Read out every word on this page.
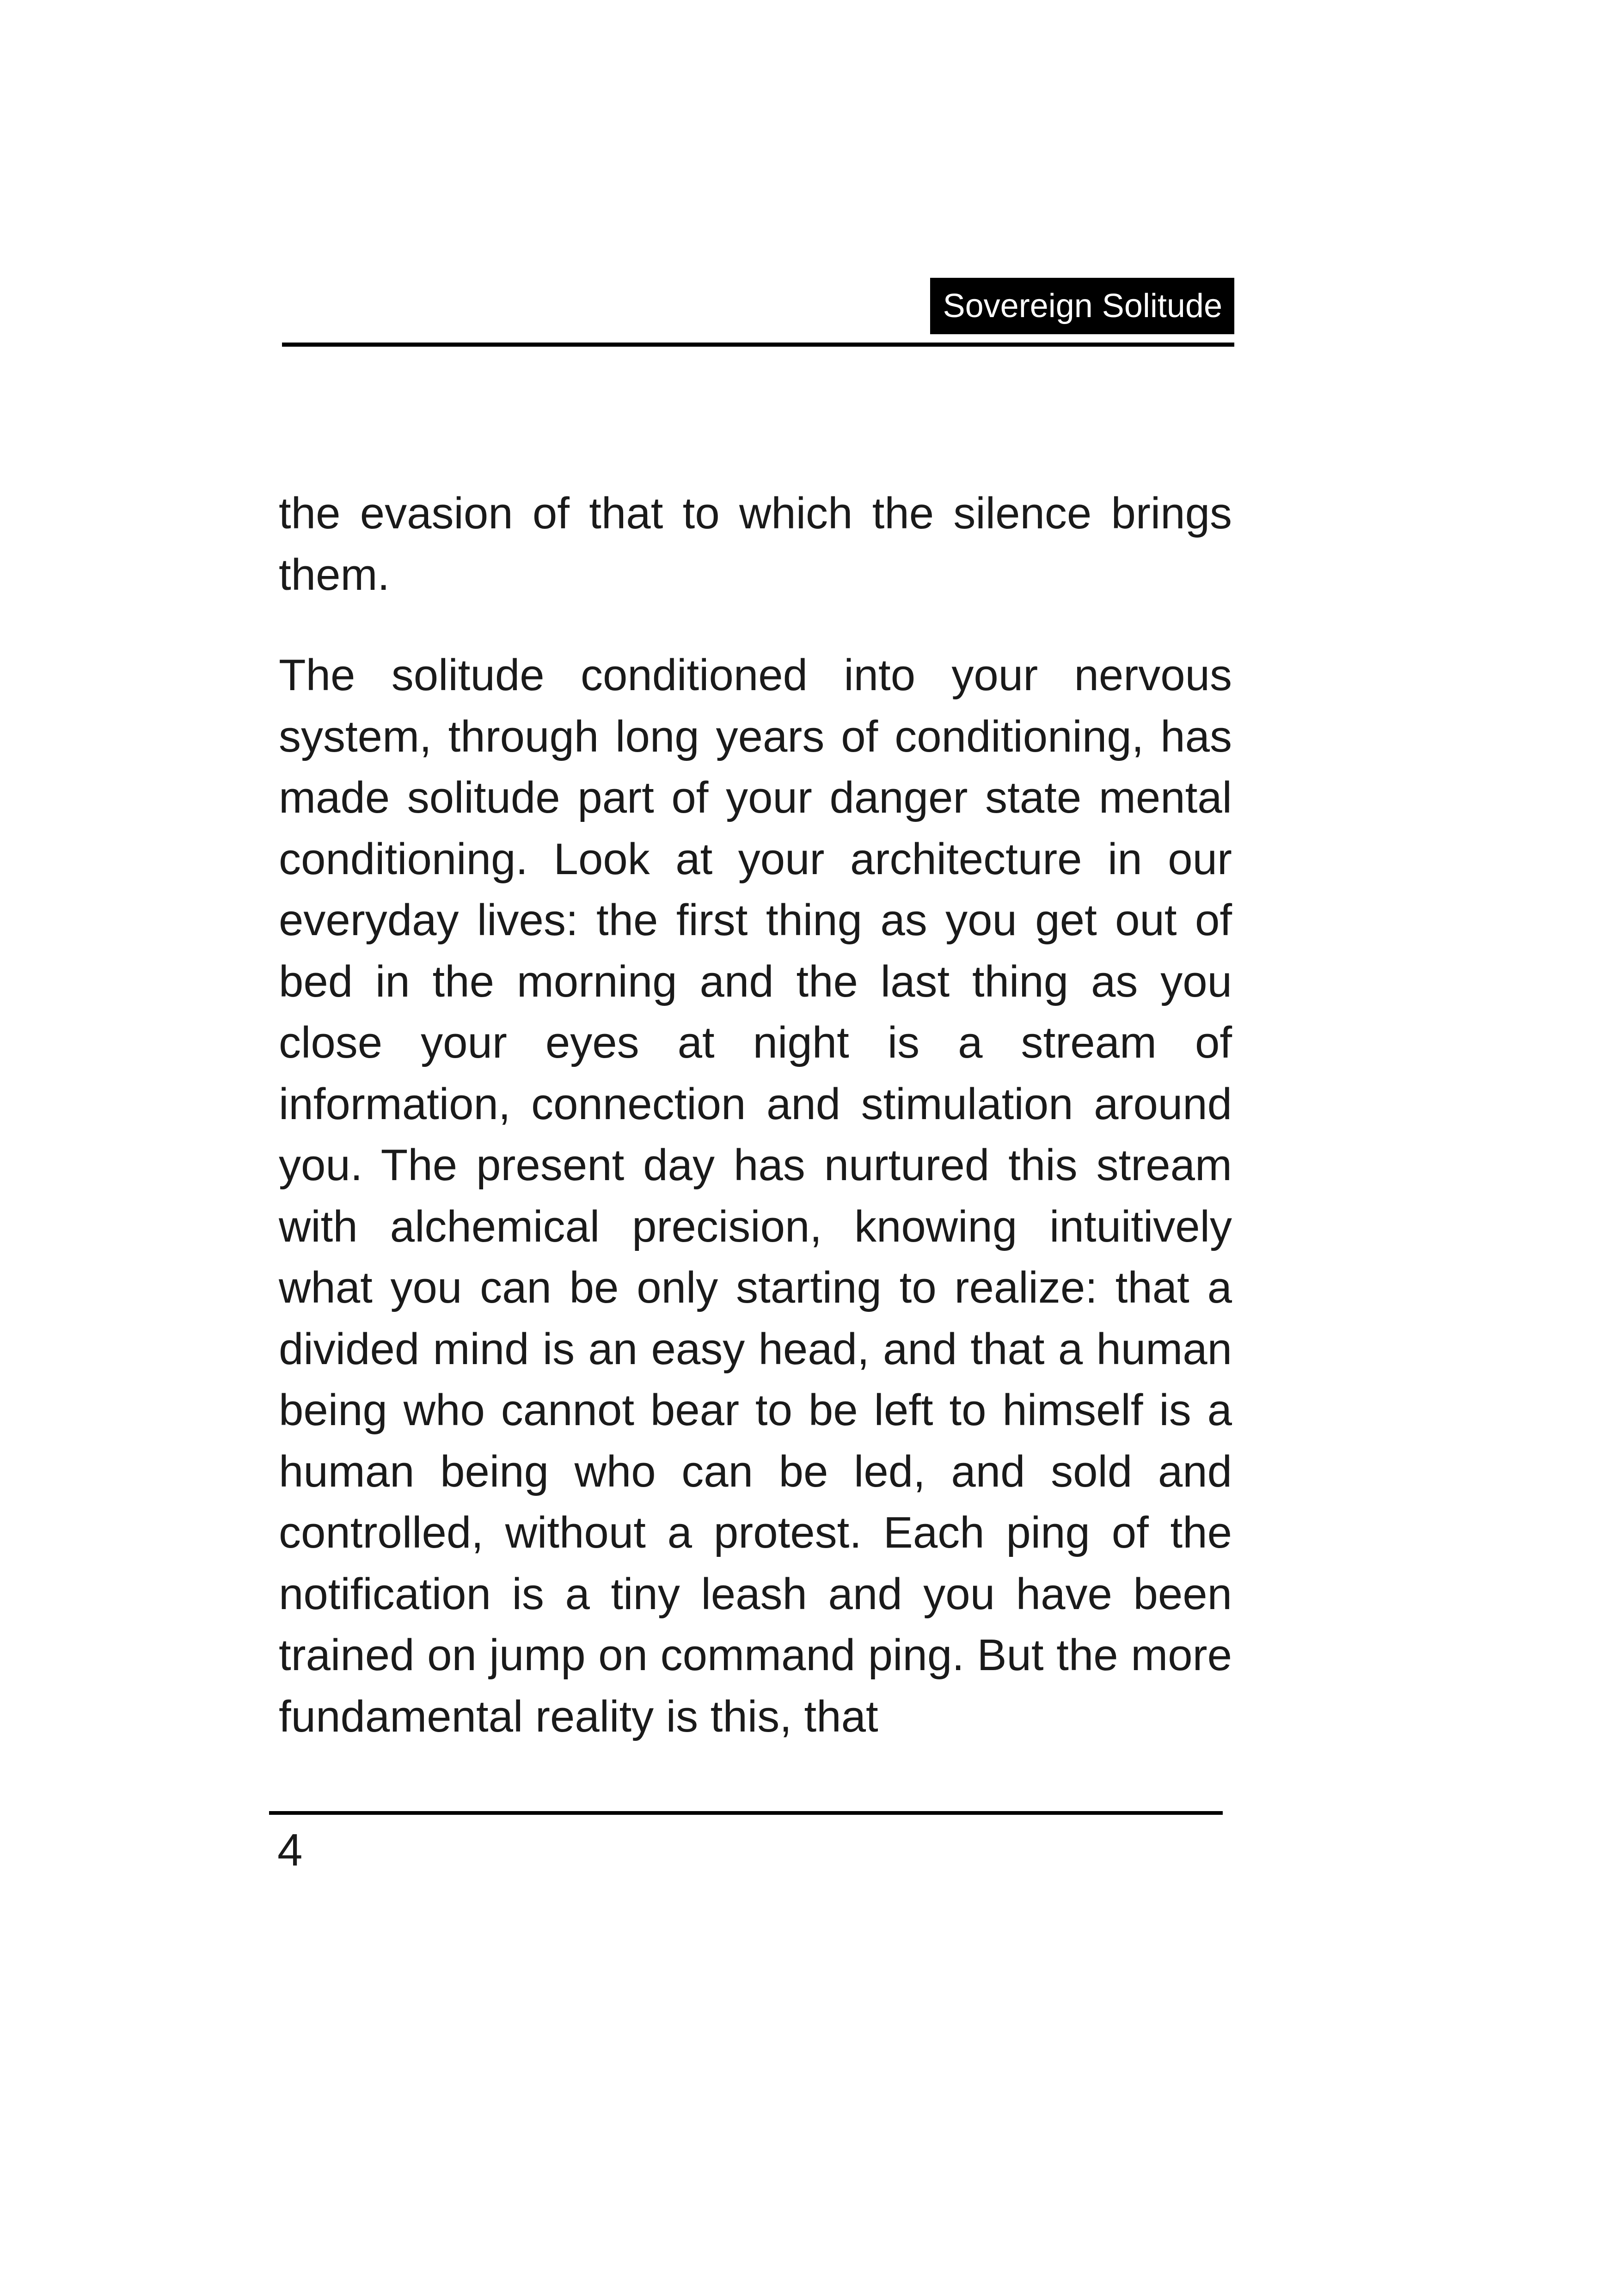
Sovereign Solitude

the evasion of that to which the silence brings them.

The solitude conditioned into your nervous system, through long years of conditioning, has made solitude part of your danger state mental conditioning. Look at your architecture in our everyday lives: the first thing as you get out of bed in the morning and the last thing as you close your eyes at night is a stream of information, connection and stimulation around you. The present day has nurtured this stream with alchemical precision, knowing intuitively what you can be only starting to realize: that a divided mind is an easy head, and that a human being who cannot bear to be left to himself is a human being who can be led, and sold and controlled, without a protest. Each ping of the notification is a tiny leash and you have been trained on jump on command ping. But the more fundamental reality is this, that

4
